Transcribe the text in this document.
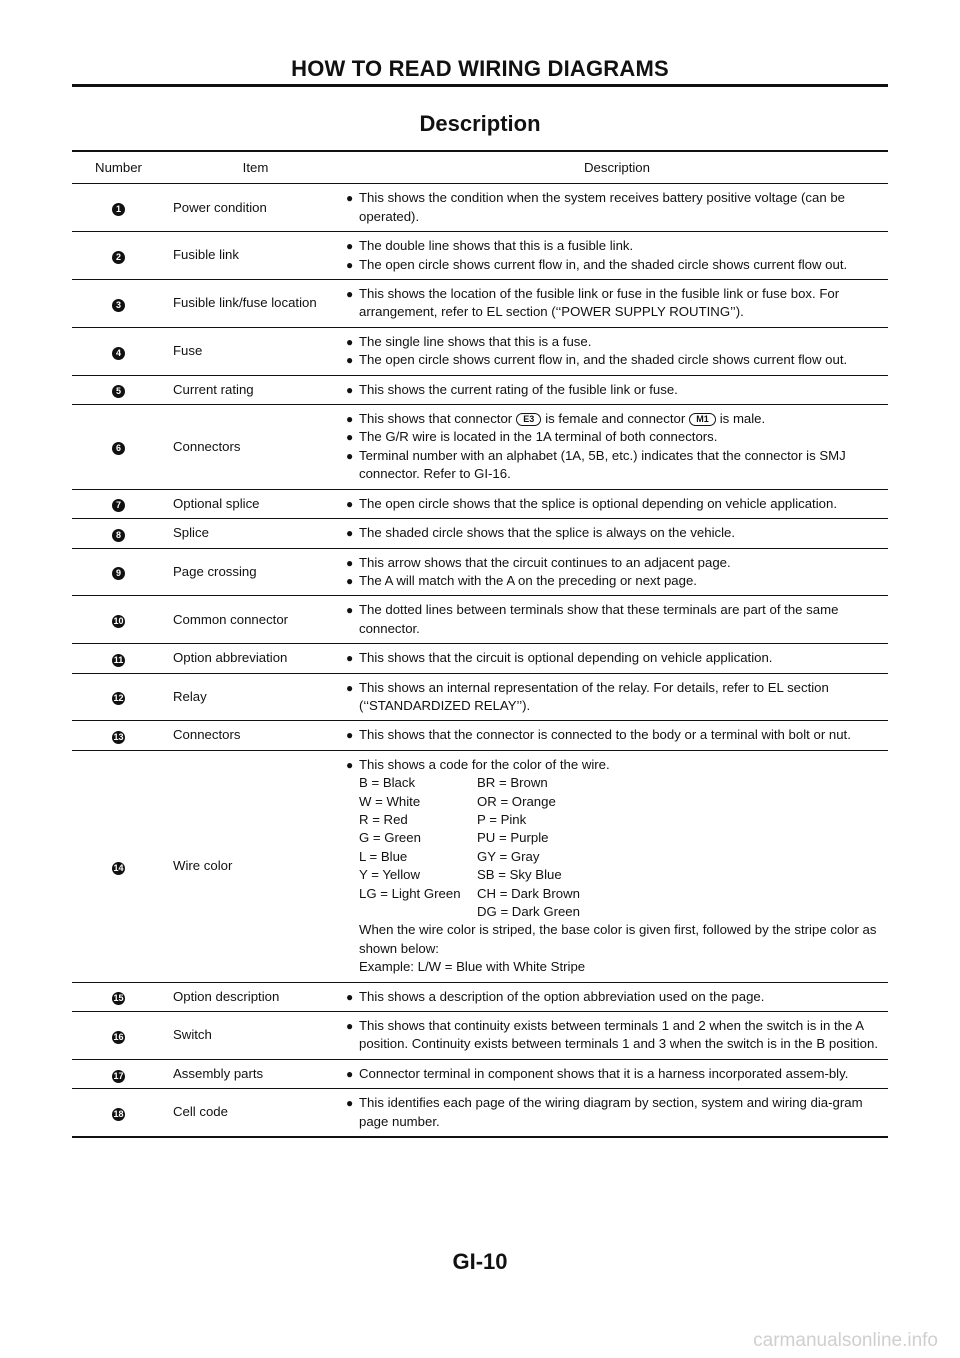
HOW TO READ WIRING DIAGRAMS
Description
Number	Item	Description
1	Power condition
● This shows the condition when the system receives battery positive voltage (can be operated).
2	Fusible link
● The double line shows that this is a fusible link.
● The open circle shows current flow in, and the shaded circle shows current flow out.
3	Fusible link/fuse location
● This shows the location of the fusible link or fuse in the fusible link or fuse box. For arrangement, refer to EL section (‘‘POWER SUPPLY ROUTING’’).
4	Fuse
● The single line shows that this is a fuse.
● The open circle shows current flow in, and the shaded circle shows current flow out.
5	Current rating	● This shows the current rating of the fusible link or fuse.
6	Connectors
● This shows that connector E3 is female and connector M1 is male.
● The G/R wire is located in the 1A terminal of both connectors.
● Terminal number with an alphabet (1A, 5B, etc.) indicates that the connector is SMJ connector. Refer to GI-16.
7	Optional splice	● The open circle shows that the splice is optional depending on vehicle application.
8	Splice	● The shaded circle shows that the splice is always on the vehicle.
9	Page crossing
● This arrow shows that the circuit continues to an adjacent page.
● The A will match with the A on the preceding or next page.
10	Common connector
● The dotted lines between terminals show that these terminals are part of the same connector.
11	Option abbreviation	● This shows that the circuit is optional depending on vehicle application.
12	Relay
● This shows an internal representation of the relay. For details, refer to EL section (‘‘STANDARDIZED RELAY’’).
13	Connectors	● This shows that the connector is connected to the body or a terminal with bolt or nut.
14	Wire color
● This shows a code for the color of the wire.
B = Black	BR = Brown
W = White	OR = Orange
R = Red	P = Pink
G = Green	PU = Purple
L = Blue	GY = Gray
Y = Yellow	SB = Sky Blue
LG = Light Green	CH = Dark Brown
DG = Dark Green
When the wire color is striped, the base color is given first, followed by the stripe color as shown below:
Example: L/W = Blue with White Stripe
15	Option description	● This shows a description of the option abbreviation used on the page.
16	Switch
● This shows that continuity exists between terminals 1 and 2 when the switch is in the A position. Continuity exists between terminals 1 and 3 when the switch is in the B position.
17	Assembly parts	● Connector terminal in component shows that it is a harness incorporated assem-bly.
18	Cell code
● This identifies each page of the wiring diagram by section, system and wiring dia-gram page number.
GI-10
carmanualsonline.info
